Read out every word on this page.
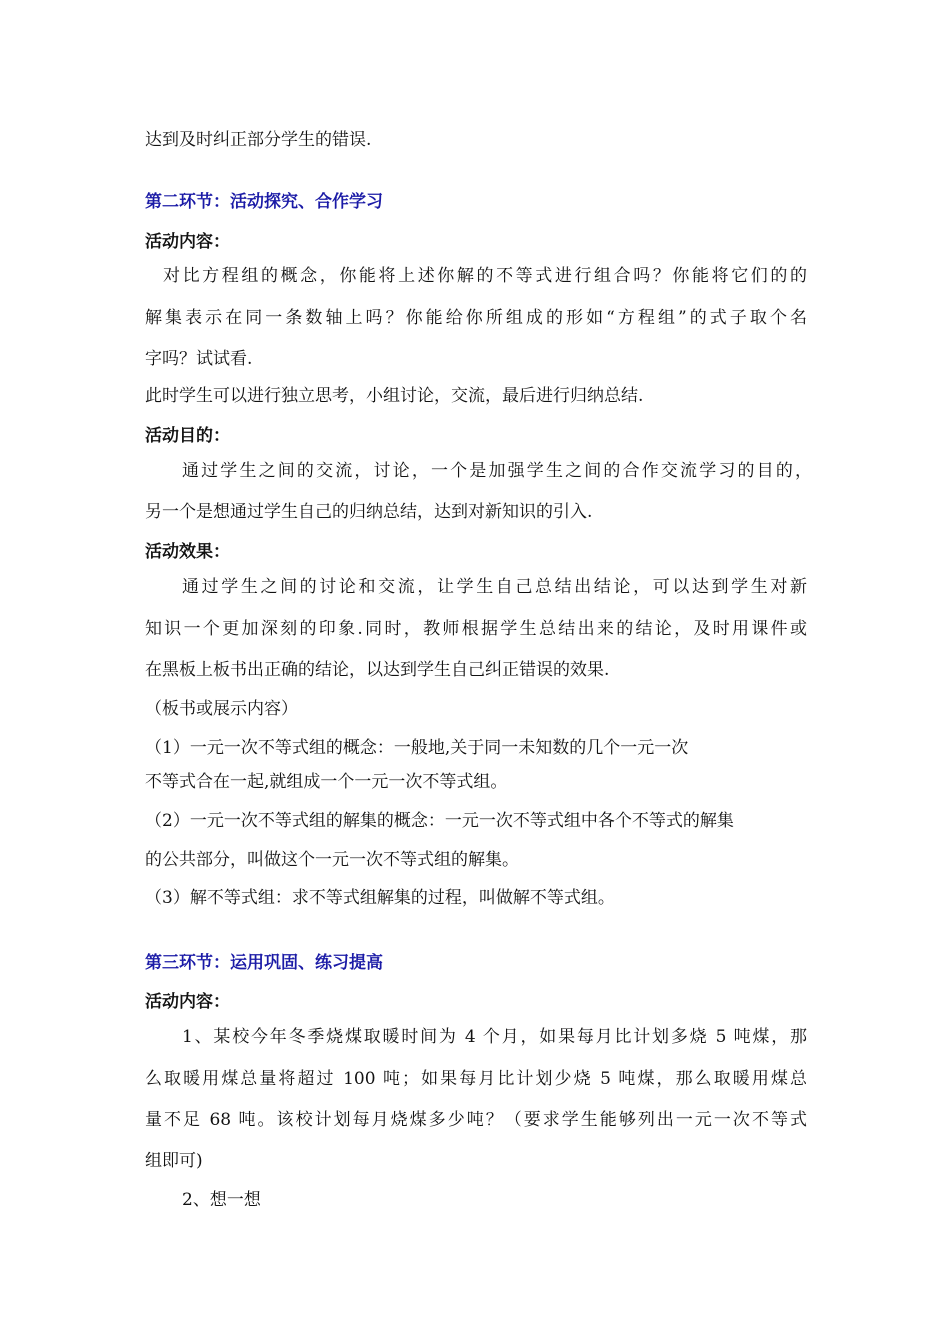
达到及时纠正部分学生的错误.
第二环节：活动探究、合作学习
活动内容：
对比方程组的概念，你能将上述你解的不等式进行组合吗？你能将它们的的
解集表示在同一条数轴上吗？你能给你所组成的形如“方程组”的式子取个名
字吗？试试看.
此时学生可以进行独立思考，小组讨论，交流，最后进行归纳总结.
活动目的：
通过学生之间的交流，讨论，一个是加强学生之间的合作交流学习的目的，
另一个是想通过学生自己的归纳总结，达到对新知识的引入.
活动效果：
通过学生之间的讨论和交流，让学生自己总结出结论，可以达到学生对新
知识一个更加深刻的印象.同时，教师根据学生总结出来的结论，及时用课件或
在黑板上板书出正确的结论，以达到学生自己纠正错误的效果.
（板书或展示内容）
（1）一元一次不等式组的概念：一般地,关于同一未知数的几个一元一次
不等式合在一起,就组成一个一元一次不等式组。
（2）一元一次不等式组的解集的概念：一元一次不等式组中各个不等式的解集
的公共部分，叫做这个一元一次不等式组的解集。
（3）解不等式组：求不等式组解集的过程，叫做解不等式组。
第三环节：运用巩固、练习提高
活动内容：
1、某校今年冬季烧煤取暖时间为 4 个月，如果每月比计划多烧 5 吨煤，那
么取暖用煤总量将超过 100 吨；如果每月比计划少烧 5 吨煤，那么取暖用煤总
量不足 68 吨。该校计划每月烧煤多少吨？（要求学生能够列出一元一次不等式
组即可)
2、想一想
